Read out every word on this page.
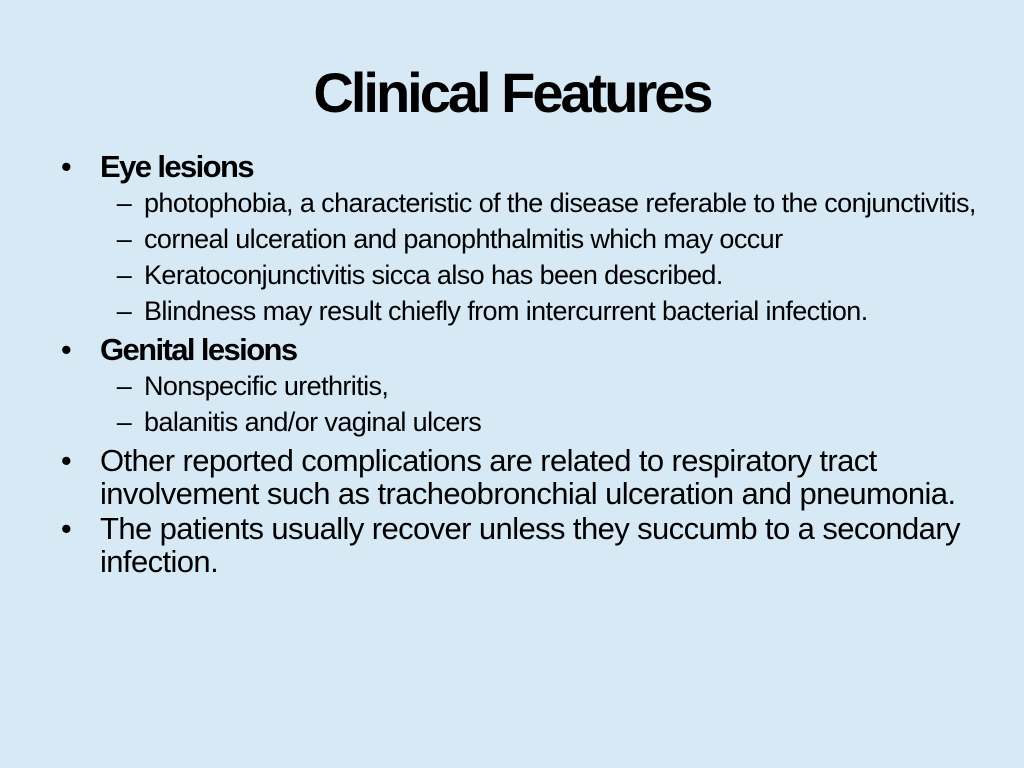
Clinical Features
• Eye lesions
– photophobia, a characteristic of the disease referable to the conjunctivitis,
– corneal ulceration and panophthalmitis which may occur
– Keratoconjunctivitis sicca also has been described.
– Blindness may result chiefly from intercurrent bacterial infection.
• Genital lesions
– Nonspecific urethritis,
– balanitis and/or vaginal ulcers
• Other reported complications are related to respiratory tract involvement such as tracheobronchial ulceration and pneumonia.
• The patients usually recover unless they succumb to a secondary infection.
